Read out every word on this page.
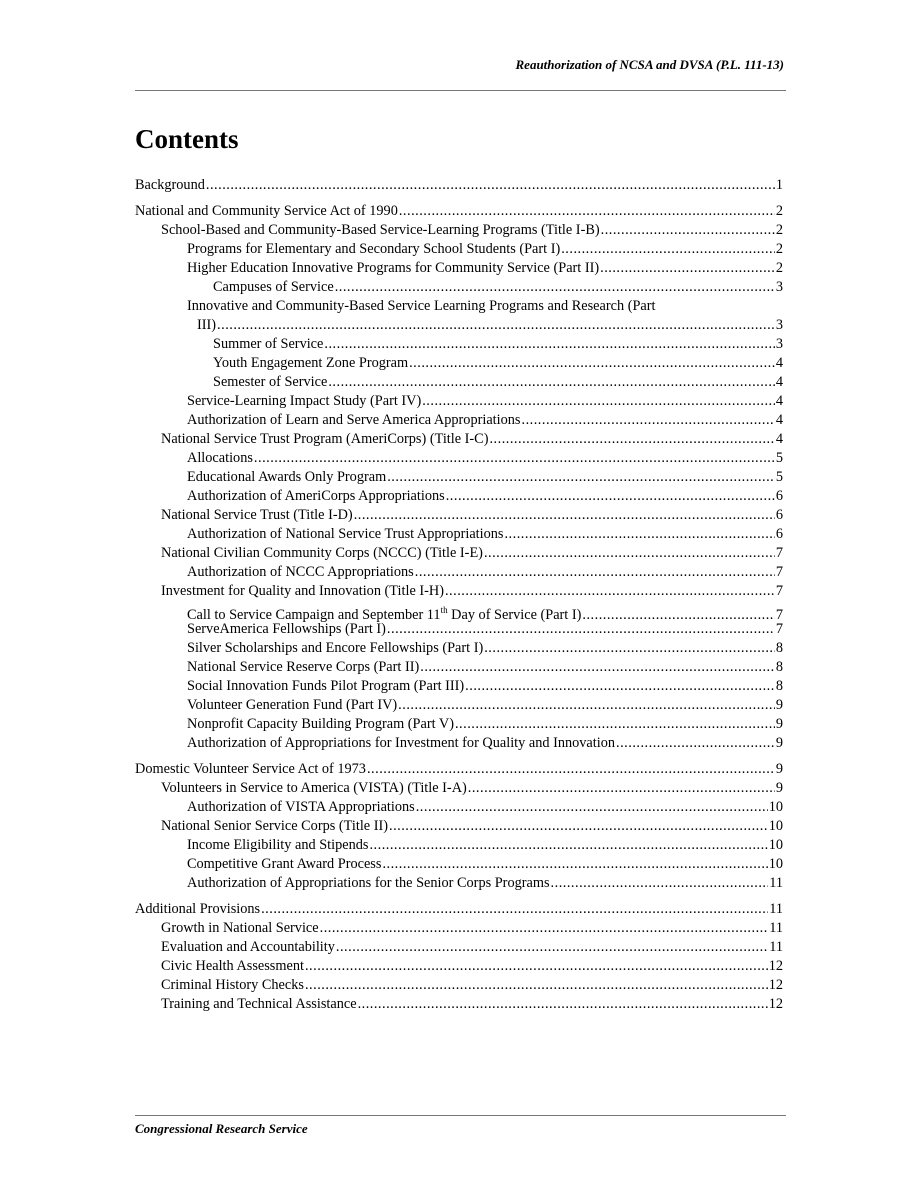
Reauthorization of NCSA and DVSA (P.L. 111-13)
Contents
Background .....	1
National and Community Service Act of 1990 .....	2
School-Based and Community-Based Service-Learning Programs (Title I-B) .....	2
Programs for Elementary and Secondary School Students (Part I) .....	2
Higher Education Innovative Programs for Community Service (Part II) .....	2
Campuses of Service .....	3
Innovative and Community-Based Service Learning Programs and Research (Part
III) .....	3
Summer of Service .....	3
Youth Engagement Zone Program .....	4
Semester of Service .....	4
Service-Learning Impact Study (Part IV) .....	4
Authorization of Learn and Serve America Appropriations .....	4
National Service Trust Program (AmeriCorps) (Title I-C) .....	4
Allocations .....	5
Educational Awards Only Program .....	5
Authorization of AmeriCorps Appropriations .....	6
National Service Trust (Title I-D) .....	6
Authorization of National Service Trust Appropriations .....	6
National Civilian Community Corps (NCCC) (Title I-E) .....	7
Authorization of NCCC Appropriations .....	7
Investment for Quality and Innovation (Title I-H) .....	7
Call to Service Campaign and September 11th Day of Service (Part I) .....	7
ServeAmerica Fellowships (Part I) .....	7
Silver Scholarships and Encore Fellowships (Part I) .....	8
National Service Reserve Corps (Part II) .....	8
Social Innovation Funds Pilot Program (Part III) .....	8
Volunteer Generation Fund (Part IV) .....	9
Nonprofit Capacity Building Program (Part V) .....	9
Authorization of Appropriations for Investment for Quality and Innovation .....	9
Domestic Volunteer Service Act of 1973 .....	9
Volunteers in Service to America (VISTA) (Title I-A) .....	9
Authorization of VISTA Appropriations .....	10
National Senior Service Corps (Title II) .....	10
Income Eligibility and Stipends .....	10
Competitive Grant Award Process .....	10
Authorization of Appropriations for the Senior Corps Programs .....	11
Additional Provisions .....	11
Growth in National Service .....	11
Evaluation and Accountability .....	11
Civic Health Assessment .....	12
Criminal History Checks .....	12
Training and Technical Assistance .....	12
Congressional Research Service
